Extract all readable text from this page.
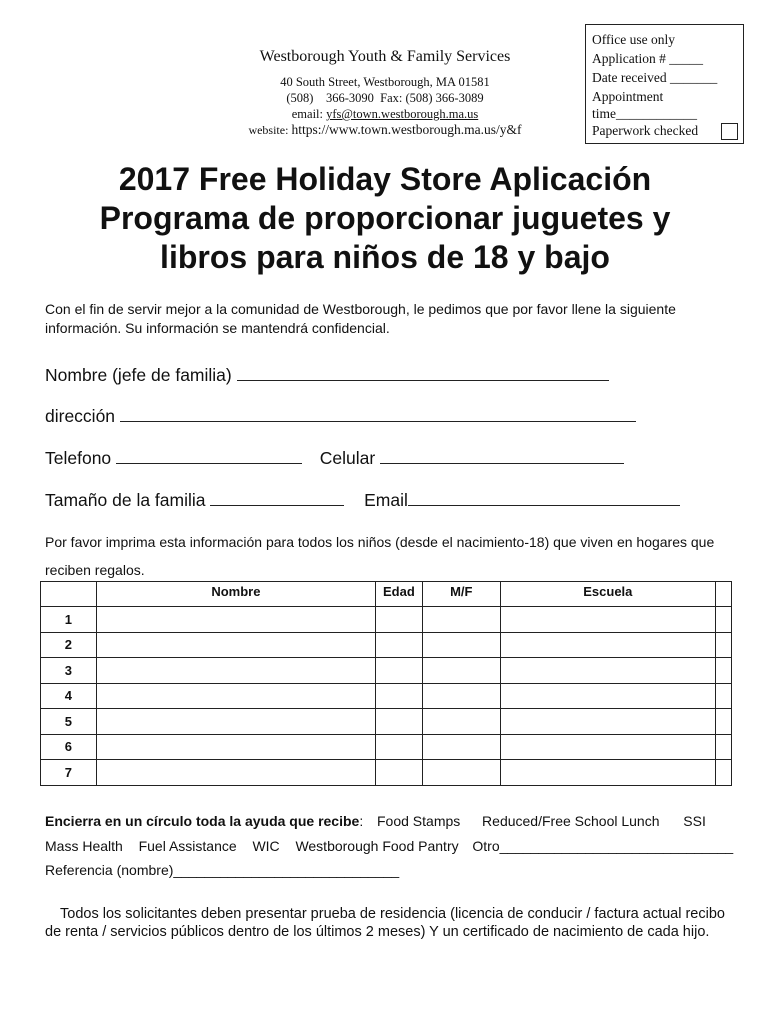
Westborough Youth & Family Services
40 South Street, Westborough, MA 01581
(508)    366-3090  Fax: (508) 366-3089
email: yfs@town.westborough.ma.us
website: https://www.town.westborough.ma.us/y&f
Office use only
Application # _____
Date received _______
Appointment
time____________
Paperwork checked
2017 Free Holiday Store Aplicación
Programa de proporcionar juguetes y
libros para niños de 18 y bajo
Con el fin de servir mejor a la comunidad de Westborough, le pedimos que por favor llene la siguiente información. Su información se mantendrá confidencial.
Nombre (jefe de familia)
dirección
Telefono	Celular
Tamaño de la familia	Email
Por favor imprima esta información para todos los niños (desde el nacimiento-18) que viven en hogares que reciben regalos.
	Nombre	Edad	M/F	Escuela	
1					
2					
3					
4					
5					
6					
7					
Encierra en un círculo toda la ayuda que recibe: Food Stamps Reduced/Free School Lunch SSI
Mass Health Fuel Assistance WIC Westborough Food Pantry Otro______________________________
Referencia (nombre)_____________________________
Todos los solicitantes deben presentar prueba de residencia (licencia de conducir / factura actual recibo de renta / servicios públicos dentro de los últimos 2 meses) Y un certificado de nacimiento de cada hijo.
